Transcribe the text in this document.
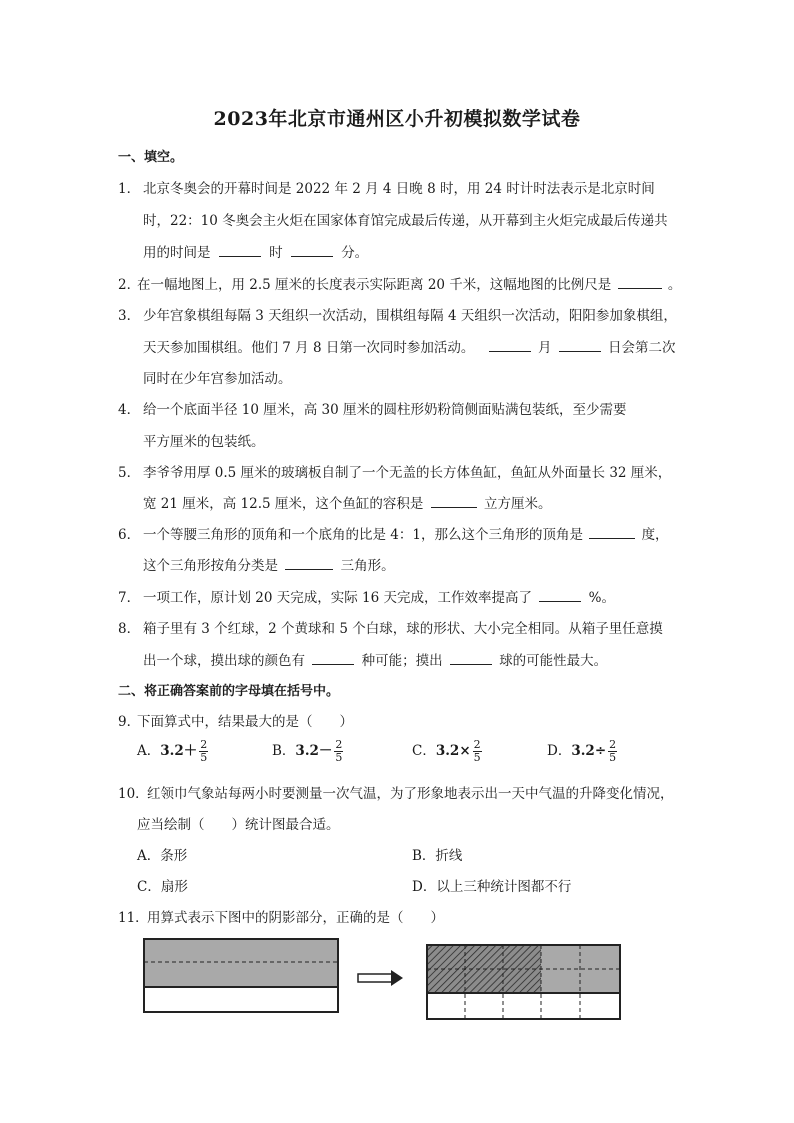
2023年北京市通州区小升初模拟数学试卷
一、填空。
1． 北京冬奥会的开幕时间是 2022 年 2 月 4 日晚 8 时，用 24 时计时法表示是北京时间
时，22：10 冬奥会主火炬在国家体育馆完成最后传递，从开幕到主火炬完成最后传递共
用的时间是	时	分。
2．
在一幅地图上，用 2.5 厘米的长度表示实际距离 20 千米，这幅地图的比例尺是	。
3． 少年宫象棋组每隔 3 天组织一次活动，围棋组每隔 4 天组织一次活动，阳阳参加象棋组，
天天参加围棋组。他们 7 月 8 日第一次同时参加活动。	月	日会第二次
同时在少年宫参加活动。
4． 给一个底面半径 10 厘米，高 30 厘米的圆柱形奶粉筒侧面贴满包装纸，至少需要
平方厘米的包装纸。
5． 李爷爷用厚 0.5 厘米的玻璃板自制了一个无盖的长方体鱼缸，鱼缸从外面量长 32 厘米，
宽 21 厘米，高 12.5 厘米，这个鱼缸的容积是	立方厘米。
6． 一个等腰三角形的顶角和一个底角的比是 4：1，那么这个三角形的顶角是	度，
这个三角形按角分类是	三角形。
7． 一项工作，原计划 20 天完成，实际 16 天完成，工作效率提高了	%。
8． 箱子里有 3 个红球，2 个黄球和 5 个白球，球的形状、大小完全相同。从箱子里任意摸
出一个球，摸出球的颜色有	种可能；摸出	球的可能性最大。
二、将正确答案前的字母填在括号中。
9．
下面算式中，结果最大的是（　　）
A．$3.2+ \frac{2}{5}$	B．$3.2- \frac{2}{5}$	C．$3.2\times \frac{2}{5}$	D．$3.2\div \frac{2}{5}$
10．
红领巾气象站每两小时要测量一次气温，为了形象地表示出一天中气温的升降变化情况，
应当绘制（　　）统计图最合适。
A．条形	B．折线
C．扇形	D．以上三种统计图都不行
11．
用算式表示下图中的阴影部分，正确的是（　　）
